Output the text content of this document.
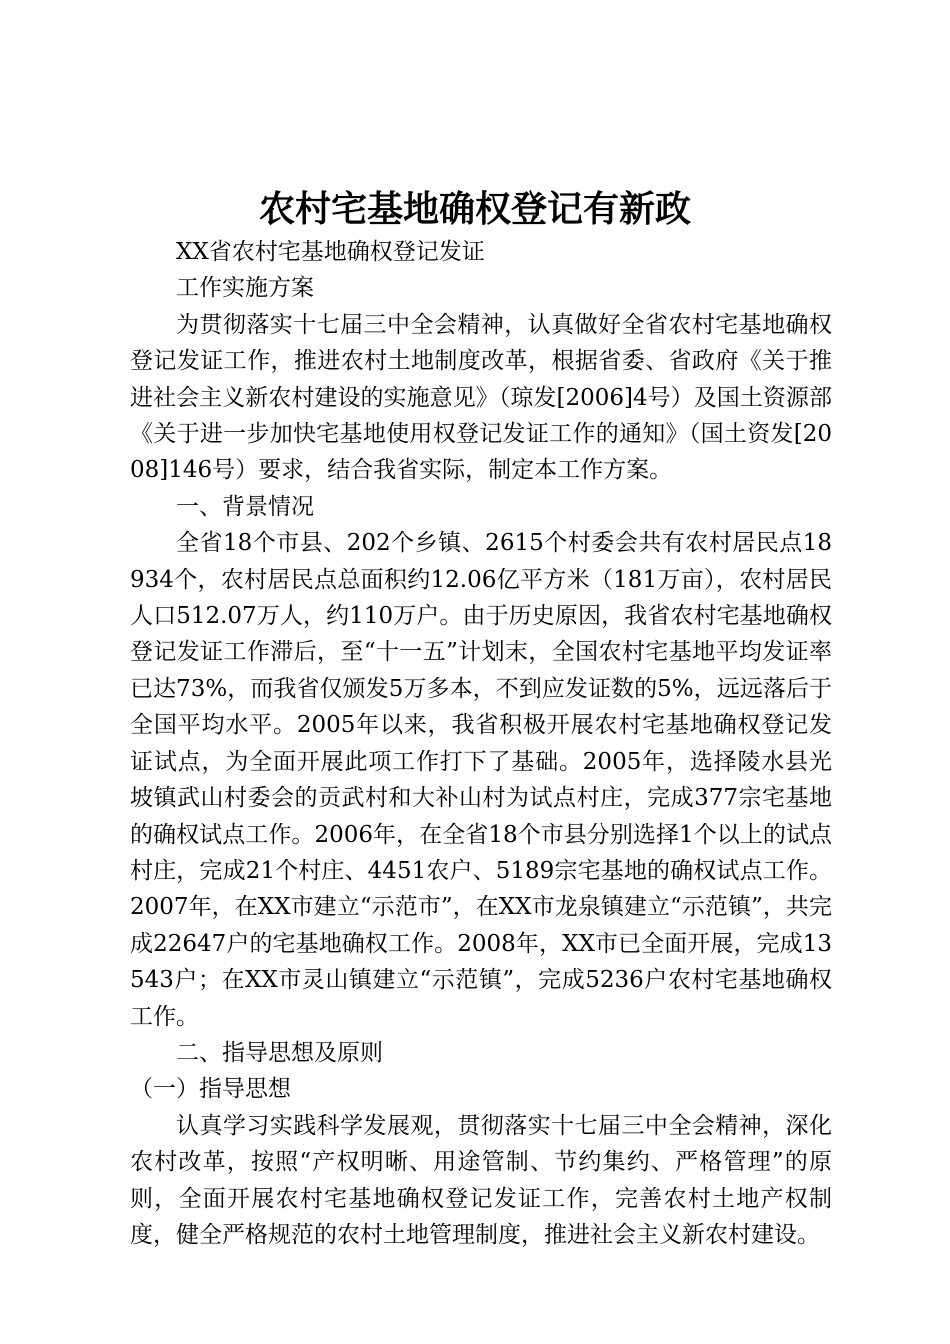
农村宅基地确权登记有新政

XX省农村宅基地确权登记发证

工作实施方案

为贯彻落实十七届三中全会精神，认真做好全省农村宅基地确权登记发证工作，推进农村土地制度改革，根据省委、省政府《关于推进社会主义新农村建设的实施意见》（琼发[2006]4号）及国土资源部《关于进一步加快宅基地使用权登记发证工作的通知》（国土资发[2008]146号）要求，结合我省实际，制定本工作方案。

一、背景情况

全省18个市县、202个乡镇、2615个村委会共有农村居民点18934个，农村居民点总面积约12.06亿平方米（181万亩），农村居民人口512.07万人，约110万户。由于历史原因，我省农村宅基地确权登记发证工作滞后，至“十一五”计划末，全国农村宅基地平均发证率已达73%，而我省仅颁发5万多本，不到应发证数的5%，远远落后于全国平均水平。2005年以来，我省积极开展农村宅基地确权登记发证试点，为全面开展此项工作打下了基础。2005年，选择陵水县光坡镇武山村委会的贡武村和大补山村为试点村庄，完成377宗宅基地的确权试点工作。2006年，在全省18个市县分别选择1个以上的试点村庄，完成21个村庄、4451农户、5189宗宅基地的确权试点工作。2007年，在XX市建立“示范市”，在XX市龙泉镇建立“示范镇”，共完成22647户的宅基地确权工作。2008年，XX市已全面开展，完成13543户；在XX市灵山镇建立“示范镇”，完成5236户农村宅基地确权工作。

二、指导思想及原则

（一）指导思想

认真学习实践科学发展观，贯彻落实十七届三中全会精神，深化农村改革，按照“产权明晰、用途管制、节约集约、严格管理”的原则，全面开展农村宅基地确权登记发证工作，完善农村土地产权制度，健全严格规范的农村土地管理制度，推进社会主义新农村建设。
